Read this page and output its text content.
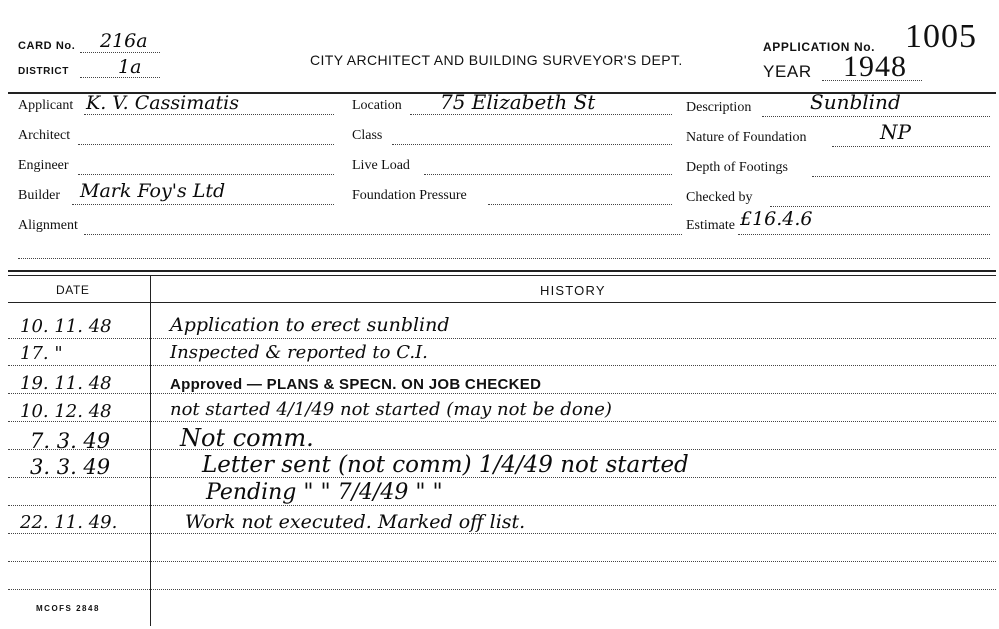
CARD No. 216a
DISTRICT	1a	CITY ARCHITECT AND BUILDING SURVEYOR'S DEPT.
APPLICATION No. 1005
YEAR 1948
Applicant K. V. Cassimatis
Architect
Engineer
Builder Mark Foy's Ltd
Alignment
Location 75 Elizabeth St
Class
Live Load
Foundation Pressure
Description	Sunblind
Nature of Foundation	NP
Depth of Footings
Checked by
Estimate £16.4.6
DATE	HISTORY
10. 11. 48	Application to erect sunblind
17. "	Inspected & reported to C.I.
19. 11. 48	Approved — PLANS & SPECN. ON JOB CHECKED
10. 12. 48	not started 4/1/49 not started (may not be done)
7. 3. 49	Not comm.
3. 3. 49	Letter sent (not comm) 1/4/49 not started
Pending " " 7/4/49 " "
22. 11. 49.	Work not executed. Marked off list.
MCOFS 2848
